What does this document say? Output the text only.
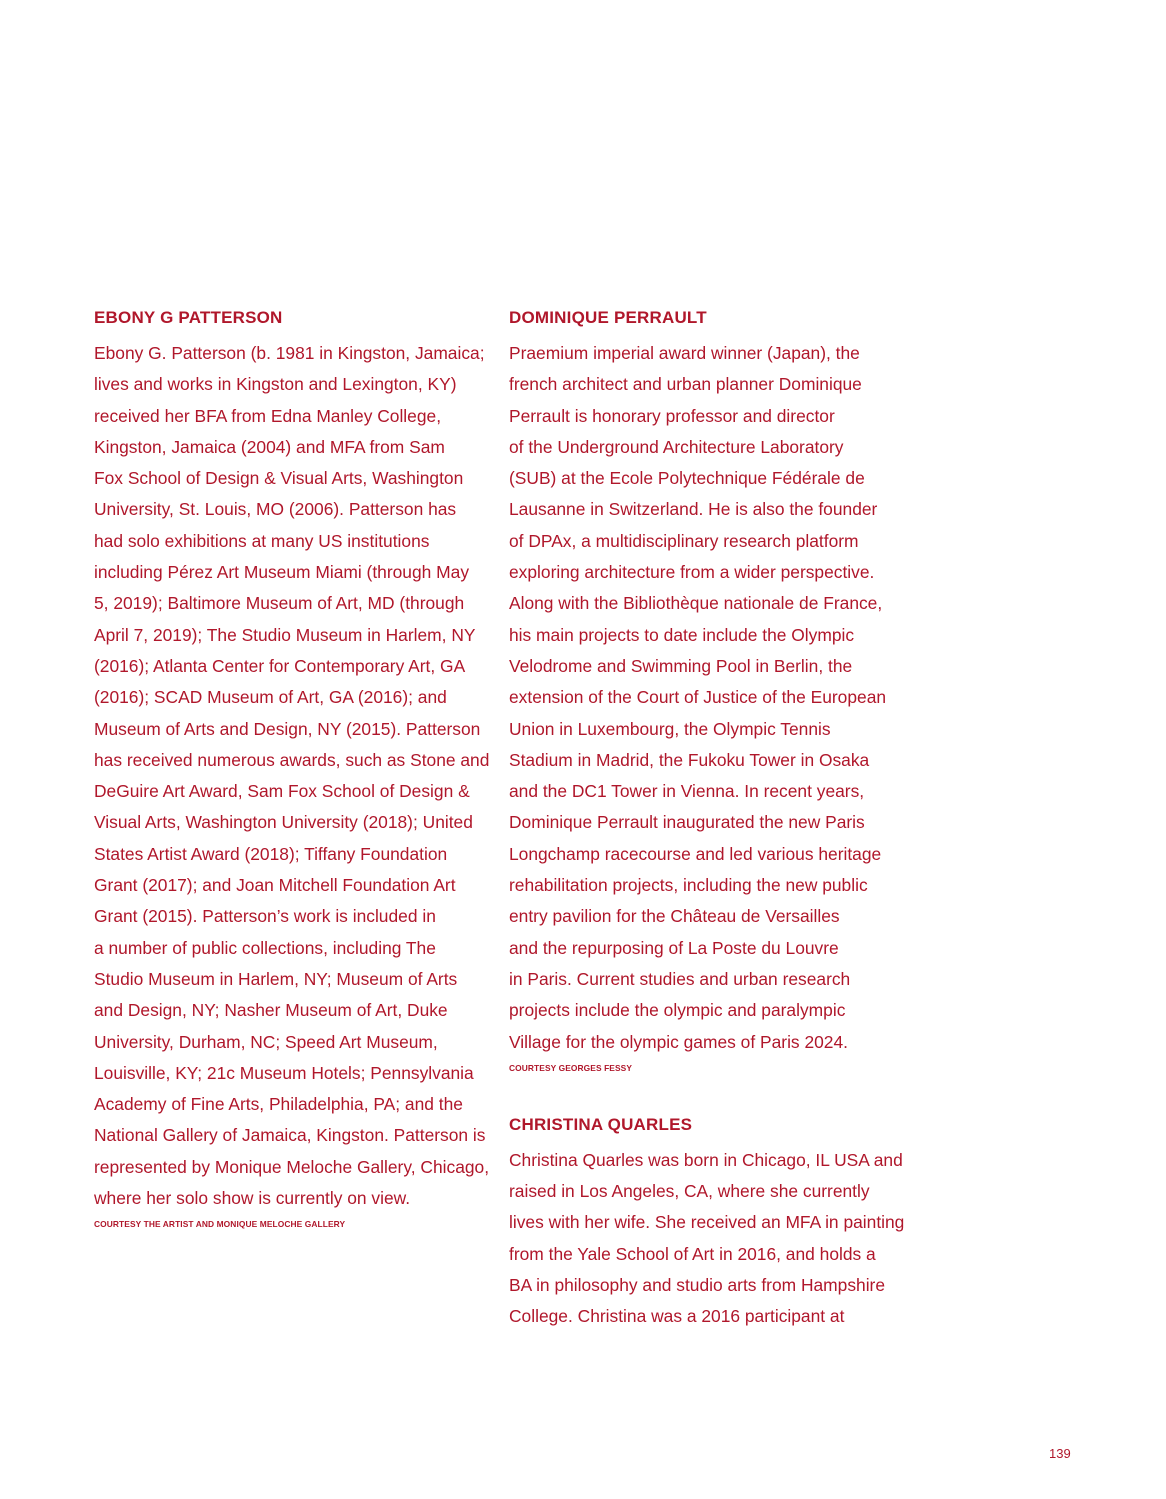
EBONY G PATTERSON
Ebony G. Patterson (b. 1981 in Kingston, Jamaica;
lives and works in Kingston and Lexington, KY)
received her BFA from Edna Manley College,
Kingston, Jamaica (2004) and MFA from Sam
Fox School of Design & Visual Arts, Washington
University, St. Louis, MO (2006). Patterson has
had solo exhibitions at many US institutions
including Pérez Art Museum Miami (through May
5, 2019); Baltimore Museum of Art, MD (through
April 7, 2019); The Studio Museum in Harlem, NY
(2016); Atlanta Center for Contemporary Art, GA
(2016); SCAD Museum of Art, GA (2016); and
Museum of Arts and Design, NY (2015). Patterson
has received numerous awards, such as Stone and
DeGuire Art Award, Sam Fox School of Design &
Visual Arts, Washington University (2018); United
States Artist Award (2018); Tiffany Foundation
Grant (2017); and Joan Mitchell Foundation Art
Grant (2015). Patterson’s work is included in
a number of public collections, including The
Studio Museum in Harlem, NY; Museum of Arts
and Design, NY; Nasher Museum of Art, Duke
University, Durham, NC; Speed Art Museum,
Louisville, KY; 21c Museum Hotels; Pennsylvania
Academy of Fine Arts, Philadelphia, PA; and the
National Gallery of Jamaica, Kingston. Patterson is
represented by Monique Meloche Gallery, Chicago,
where her solo show is currently on view.
COURTESY THE ARTIST AND MONIQUE MELOCHE GALLERY
DOMINIQUE PERRAULT
Praemium imperial award winner (Japan), the
french architect and urban planner Dominique
Perrault is honorary professor and director
of the Underground Architecture Laboratory
(SUB) at the Ecole Polytechnique Fédérale de
Lausanne in Switzerland. He is also the founder
of DPAx, a multidisciplinary research platform
exploring architecture from a wider perspective.
Along with the Bibliothèque nationale de France,
his main projects to date include the Olympic
Velodrome and Swimming Pool in Berlin, the
extension of the Court of Justice of the European
Union in Luxembourg, the Olympic Tennis
Stadium in Madrid, the Fukoku Tower in Osaka
and the DC1 Tower in Vienna. In recent years,
Dominique Perrault inaugurated the new Paris
Longchamp racecourse and led various heritage
rehabilitation projects, including the new public
entry pavilion for the Château de Versailles
and the repurposing of La Poste du Louvre
in Paris. Current studies and urban research
projects include the olympic and paralympic
Village for the olympic games of Paris 2024.
COURTESY GEORGES FESSY
CHRISTINA QUARLES
Christina Quarles was born in Chicago, IL USA and
raised in Los Angeles, CA, where she currently
lives with her wife. She received an MFA in painting
from the Yale School of Art in 2016, and holds a
BA in philosophy and studio arts from Hampshire
College. Christina was a 2016 participant at
139
